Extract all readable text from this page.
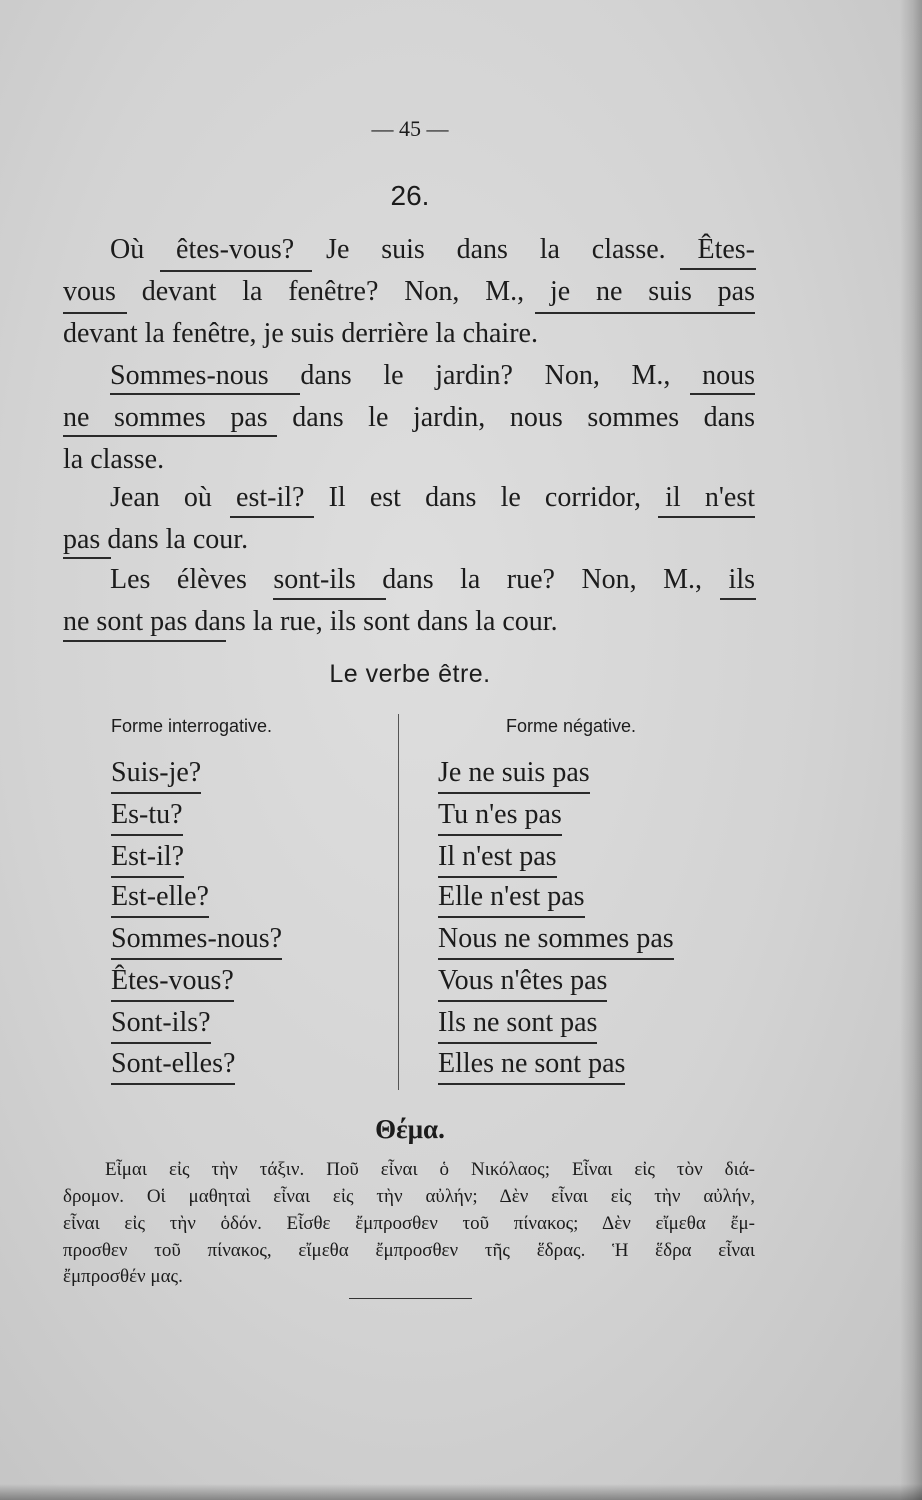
— 45 —
26.
Où êtes-vous? Je suis dans la classe. Êtes-
vous devant la fenêtre? Non, M., je ne suis pas
devant la fenêtre, je suis derrière la chaire.
Sommes-nous dans le jardin? Non, M., nous
ne sommes pas dans le jardin, nous sommes dans
la classe.
Jean où est-il? Il est dans le corridor, il n'est
pas dans la cour.
Les élèves sont-ils dans la rue? Non, M., ils
ne sont pas dans la rue, ils sont dans la cour.
Le verbe être.
Forme interrogative.	Forme négative.
Suis-je?
Es-tu?
Est-il?
Est-elle?
Sommes-nous?
Êtes-vous?
Sont-ils?
Sont-elles?
Je ne suis pas
Tu n'es pas
Il n'est pas
Elle n'est pas
Nous ne sommes pas
Vous n'êtes pas
Ils ne sont pas
Elles ne sont pas
Θέμα.
Εἶμαι εἰς τὴν τάξιν. Ποῦ εἶναι ὁ Νικόλαος; Εἶναι εἰς τὸν διά-
δρομον. Οἱ μαθηταὶ εἶναι εἰς τὴν αὐλήν; Δὲν εἶναι εἰς τὴν αὐλήν,
εἶναι εἰς τὴν ὁδόν. Εἶσθε ἔμπροσθεν τοῦ πίνακος; Δὲν εἴμεθα ἔμ-
προσθεν τοῦ πίνακος, εἴμεθα ἔμπροσθεν τῆς ἕδρας. Ἡ ἕδρα εἶναι
ἔμπροσθέν μας.
